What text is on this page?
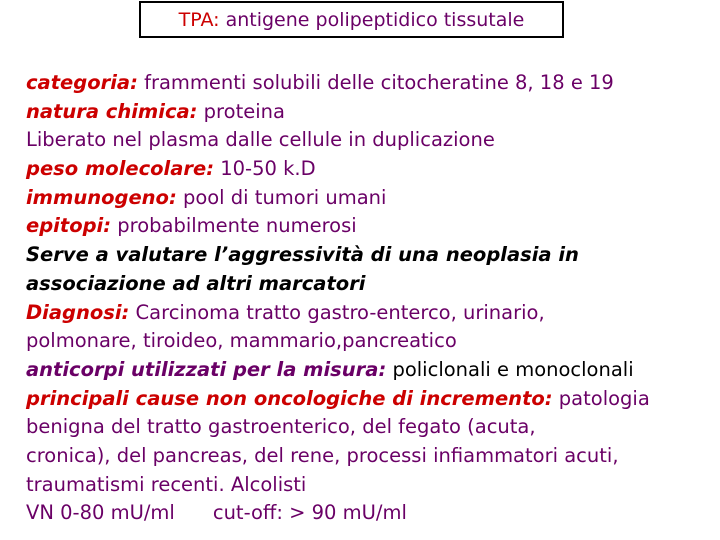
TPA: antigene polipeptidico tissutale
categoria: frammenti solubili delle citocheratine 8, 18 e 19
natura chimica: proteina
Liberato nel plasma dalle cellule in duplicazione
peso molecolare: 10-50 k.D
immunogeno: pool di tumori umani
epitopi: probabilmente numerosi
Serve a valutare l’aggressività di una neoplasia in
associazione ad altri marcatori
Diagnosi: Carcinoma tratto gastro-enterco, urinario,
polmonare, tiroideo, mammario,pancreatico
anticorpi utilizzati per la misura: policlonali e monoclonali
principali cause non oncologiche di incremento: patologia
benigna del tratto gastroenterico, del fegato (acuta,
cronica), del pancreas, del rene, processi infiammatori acuti,
traumatismi recenti. Alcolisti
VN 0-80 mU/ml cut-off: > 90 mU/ml
